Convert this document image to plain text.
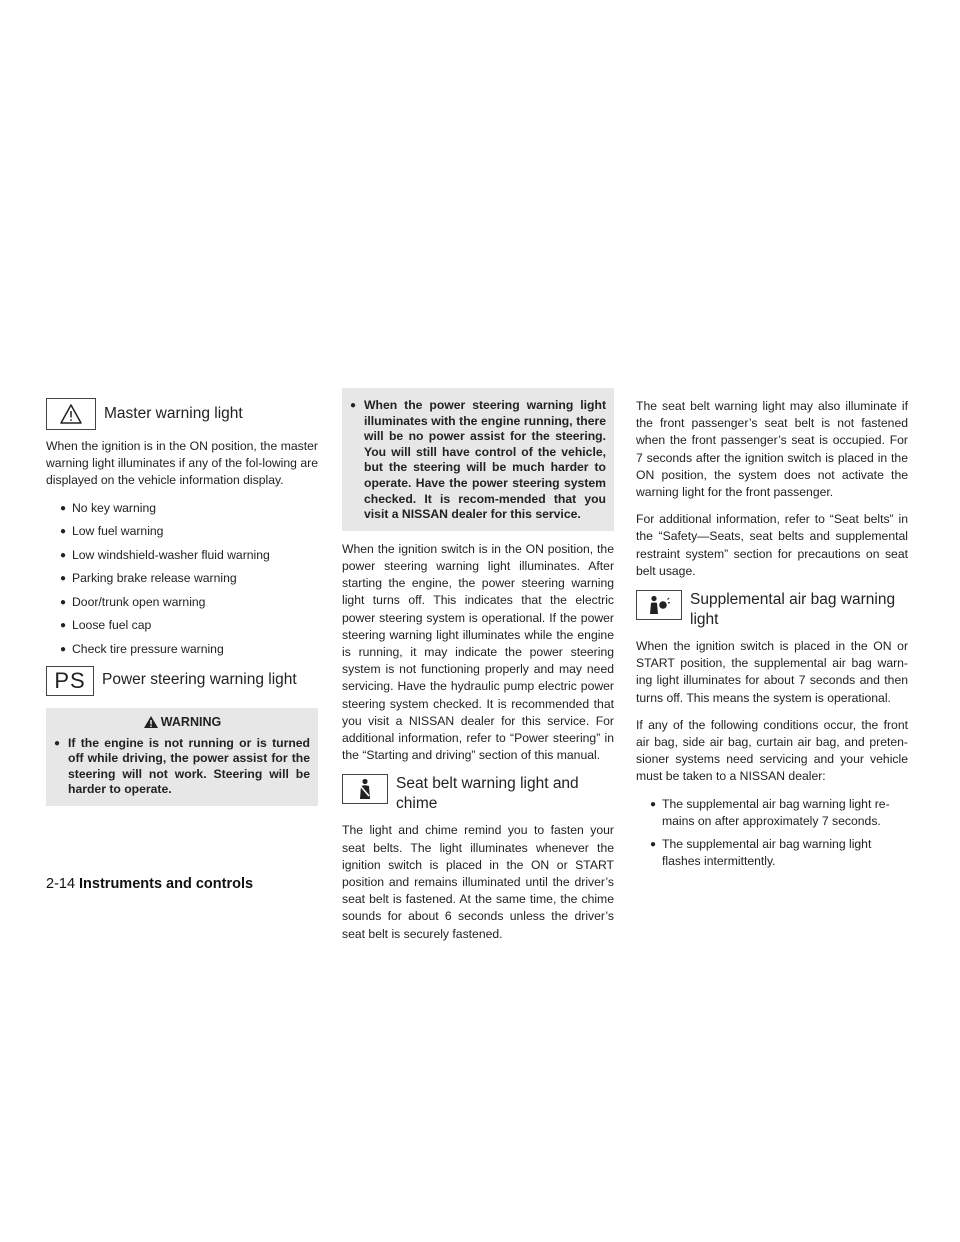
Master warning light

When the ignition is in the ON position, the master warning light illuminates if any of the fol-lowing are displayed on the vehicle information display.

● No key warning
● Low fuel warning
● Low windshield-washer fluid warning
● Parking brake release warning
● Door/trunk open warning
● Loose fuel cap
● Check tire pressure warning
PS	Power steering warning light
WARNING
● If the engine is not running or is turned off while driving, the power assist for the steering will not work. Steering will be harder to operate.
● When the power steering warning light illuminates with the engine running, there will be no power assist for the steering. You will still have control of the vehicle, but the steering will be much harder to operate. Have the power steering system checked. It is recom-mended that you visit a NISSAN dealer for this service.

When the ignition switch is in the ON position, the power steering warning light illuminates. After starting the engine, the power steering warning light turns off. This indicates that the electric power steering system is operational. If the power steering warning light illuminates while the engine is running, it may indicate the power steering system is not functioning properly and may need servicing. Have the hydraulic pump electric power steering system checked. It is recommended that you visit a NISSAN dealer for this service. For additional information, refer to “Power steering” in the “Starting and driving” section of this manual.

Seat belt warning light and chime

The light and chime remind you to fasten your seat belts. The light illuminates whenever the ignition switch is placed in the ON or START position and remains illuminated until the driver’s seat belt is fastened. At the same time, the chime sounds for about 6 seconds unless the driver’s seat belt is securely fastened.

The seat belt warning light may also illuminate if the front passenger’s seat belt is not fastened when the front passenger’s seat is occupied. For 7 seconds after the ignition switch is placed in the ON position, the system does not activate the warning light for the front passenger.

For additional information, refer to “Seat belts” in the “Safety—Seats, seat belts and supplemental restraint system” section for precautions on seat belt usage.

Supplemental air bag warning light

When the ignition switch is placed in the ON or START position, the supplemental air bag warn-ing light illuminates for about 7 seconds and then turns off. This means the system is operational.

If any of the following conditions occur, the front air bag, side air bag, curtain air bag, and preten-sioner systems need servicing and your vehicle must be taken to a NISSAN dealer:

● The supplemental air bag warning light re-mains on after approximately 7 seconds.
● The supplemental air bag warning light flashes intermittently.
2-14 Instruments and controls
